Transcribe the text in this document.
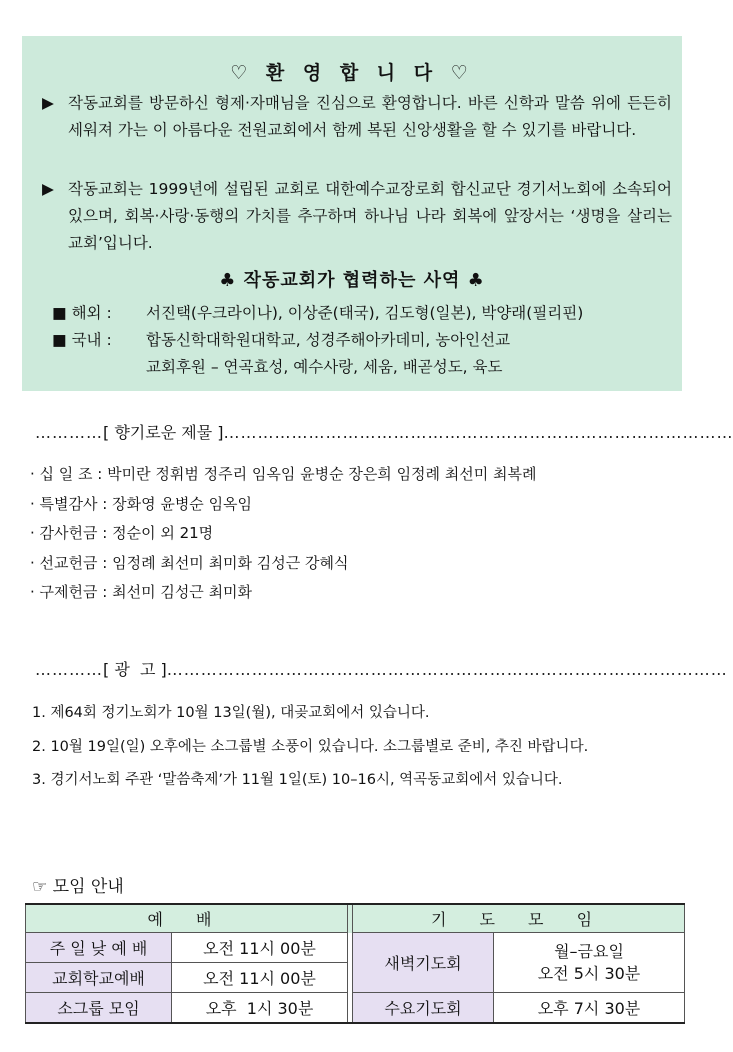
♡ 환 영 합 니 다 ♡
▶ 작동교회를 방문하신 형제·자매님을 진심으로 환영합니다. 바른 신학과 말씀 위에 든든히 세워져 가는 이 아름다운 전원교회에서 함께 복된 신앙생활을 할 수 있기를 바랍니다.
▶ 작동교회는 1999년에 설립된 교회로 대한예수교장로회 합신교단 경기서노회에 소속되어 있으며, 회복·사랑·동행의 가치를 추구하며 하나님 나라 회복에 앞장서는 ‘생명을 살리는 교회’입니다.
♣ 작동교회가 협력하는 사역 ♣
■ 해외 : 서진택(우크라이나), 이상준(태국), 김도형(일본), 박양래(필리핀)
■ 국내 : 합동신학대학원대학교, 성경주해아카데미, 농아인선교
교회후원 – 연곡효성, 예수사랑, 세움, 배곧성도, 육도
…………[ 향기로운 제물 ]………………………………………………………………………………
· 십 일 조 : 박미란 정휘범 정주리 임옥임 윤병순 장은희 임정례 최선미 최복례
· 특별감사 : 장화영 윤병순 임옥임
· 감사헌금 : 정순이 외 21명
· 선교헌금 : 임정례 최선미 최미화 김성근 강혜식
· 구제헌금 : 최선미 김성근 최미화
…………[ 광  고 ]………………………………………………………………………………………
1. 제64회 정기노회가 10월 13일(월), 대곶교회에서 있습니다.
2. 10월 19일(일) 오후에는 소그룹별 소풍이 있습니다. 소그룹별로 준비, 추진 바랍니다.
3. 경기서노회 주관 ‘말씀축제’가 11월 1일(토) 10–16시, 역곡동교회에서 있습니다.
☞ 모임 안내
예 배			기 도 모 임	
주 일 낮 예 배	오전 11시 00분		새벽기도회	월–금요일
오전 5시 30분

교회학교예배	오전 11시 00분			
소그룹 모임	오후  1시 30분		수요기도회	오후 7시 30분
